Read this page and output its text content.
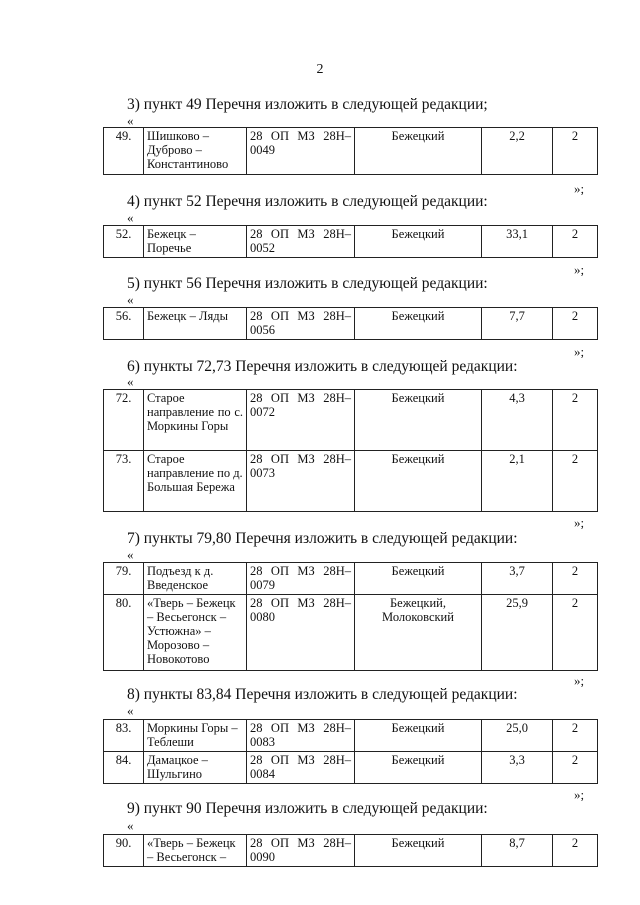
2
3) пункт 49 Перечня изложить в следующей редакции;
«
49.	Шишково – Дуброво – Константиново	28 ОП МЗ 28Н– 0049	Бежецкий	2,2	2
»;
4) пункт 52 Перечня изложить в следующей редакции:
«
52.	Бежецк – Поречье	28 ОП МЗ 28Н– 0052	Бежецкий	33,1	2
»;
5) пункт 56 Перечня изложить в следующей редакции:
«
56.	Бежецк – Ляды	28 ОП МЗ 28Н– 0056	Бежецкий	7,7	2
»;
6) пункты 72,73 Перечня изложить в следующей редакции:
«
72.	Старое направление по с. Моркины Горы	28 ОП МЗ 28Н– 0072	Бежецкий	4,3	2
73.	Старое направление по д. Большая Бережа	28 ОП МЗ 28Н– 0073	Бежецкий	2,1	2
»;
7) пункты 79,80 Перечня изложить в следующей редакции:
«
79.	Подъезд к д. Введенское	28 ОП МЗ 28Н– 0079	Бежецкий	3,7	2
80.	«Тверь – Бежецк – Весьегонск – Устюжна» – Морозово – Новокотово	28 ОП МЗ 28Н– 0080	Бежецкий, Молоковский	25,9	2
»;
8) пункты 83,84 Перечня изложить в следующей редакции:
«
83.	Моркины Горы – Теблеши	28 ОП МЗ 28Н– 0083	Бежецкий	25,0	2
84.	Дамацкое – Шульгино	28 ОП МЗ 28Н– 0084	Бежецкий	3,3	2
»;
9) пункт 90 Перечня изложить в следующей редакции:
«
90.	«Тверь – Бежецк – Весьегонск –	28 ОП МЗ 28Н– 0090	Бежецкий	8,7	2
